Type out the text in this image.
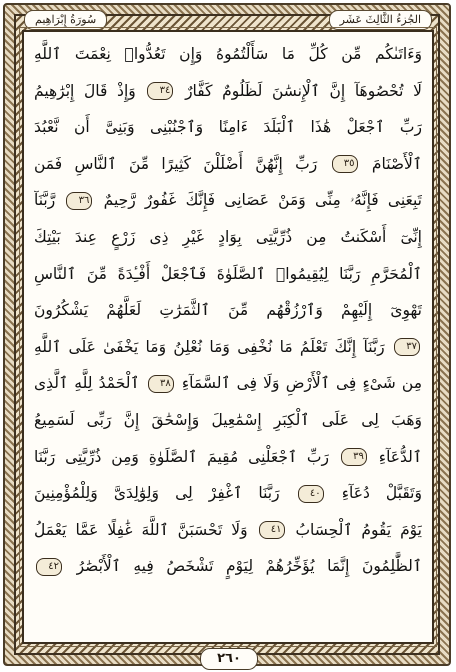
سُورَةُ إِبْرَاهِيم	الجُزءُ الثَّالِثَ عَشَر
وَءَاتَىٰكُم مِّن كُلِّ مَا سَأَلْتُمُوهُ وَإِن تَعُدُّوا۟ نِعْمَتَ ٱللَّهِ
لَا تُحْصُوهَآ إِنَّ ٱلْإِنسَٰنَ لَظَلُومٌ كَفَّارٌ ٣٤ وَإِذْ قَالَ إِبْرَٰهِيمُ
رَبِّ ٱجْعَلْ هَٰذَا ٱلْبَلَدَ ءَامِنًا وَٱجْنُبْنِى وَبَنِىَّ أَن نَّعْبُدَ
ٱلْأَصْنَامَ ٣٥ رَبِّ إِنَّهُنَّ أَضْلَلْنَ كَثِيرًا مِّنَ ٱلنَّاسِ فَمَن
تَبِعَنِى فَإِنَّهُۥ مِنِّى وَمَنْ عَصَانِى فَإِنَّكَ غَفُورٌ رَّحِيمٌ ٣٦ رَّبَّنَآ
إِنِّىٓ أَسْكَنتُ مِن ذُرِّيَّتِى بِوَادٍ غَيْرِ ذِى زَرْعٍ عِندَ بَيْتِكَ
ٱلْمُحَرَّمِ رَبَّنَا لِيُقِيمُوا۟ ٱلصَّلَوٰةَ فَٱجْعَلْ أَفْـِٔدَةً مِّنَ ٱلنَّاسِ
تَهْوِىٓ إِلَيْهِمْ وَٱرْزُقْهُم مِّنَ ٱلثَّمَرَٰتِ لَعَلَّهُمْ يَشْكُرُونَ
٣٧ رَبَّنَآ إِنَّكَ تَعْلَمُ مَا نُخْفِى وَمَا نُعْلِنُ وَمَا يَخْفَىٰ عَلَى ٱللَّهِ
مِن شَىْءٍ فِى ٱلْأَرْضِ وَلَا فِى ٱلسَّمَآءِ ٣٨ ٱلْحَمْدُ لِلَّهِ ٱلَّذِى
وَهَبَ لِى عَلَى ٱلْكِبَرِ إِسْمَٰعِيلَ وَإِسْحَٰقَ إِنَّ رَبِّى لَسَمِيعُ
ٱلدُّعَآءِ ٣٩ رَبِّ ٱجْعَلْنِى مُقِيمَ ٱلصَّلَوٰةِ وَمِن ذُرِّيَّتِى رَبَّنَا
وَتَقَبَّلْ دُعَآءِ ٤٠ رَبَّنَا ٱغْفِرْ لِى وَلِوَٰلِدَىَّ وَلِلْمُؤْمِنِينَ
يَوْمَ يَقُومُ ٱلْحِسَابُ ٤١ وَلَا تَحْسَبَنَّ ٱللَّهَ غَٰفِلًا عَمَّا يَعْمَلُ
ٱلظَّٰلِمُونَ إِنَّمَا يُؤَخِّرُهُمْ لِيَوْمٍ تَشْخَصُ فِيهِ ٱلْأَبْصَٰرُ ٤٢
٢٦٠
